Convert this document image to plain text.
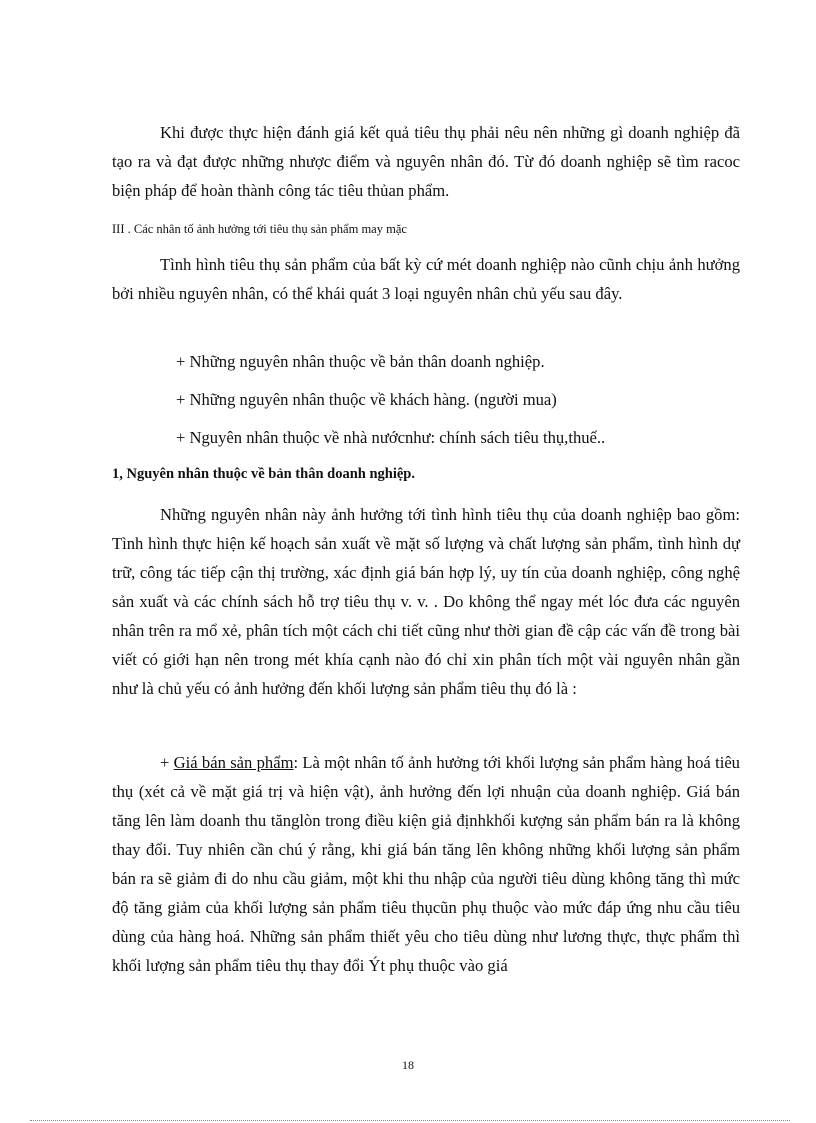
Khi được thực hiện đánh giá kết quả tiêu thụ phải nêu nên những gì doanh nghiệp đã tạo ra và đạt được những nhược điểm và nguyên nhân đó. Từ đó doanh nghiệp sẽ tìm racoc biện pháp để hoàn thành công tác tiêu thủan phẩm.

III . Các nhân tố ảnh hưởng tới tiêu thụ sản phẩm may mặc

Tình hình tiêu thụ sản phẩm của bất kỳ cứ mét doanh nghiệp nào cũnh chịu ảnh hưởng bởi nhiều nguyên nhân, có thể khái quát 3 loại nguyên nhân chủ yếu sau đây.

+ Những nguyên nhân thuộc về bản thân doanh nghiệp.

+ Những nguyên nhân thuộc về khách hàng. (người mua)

+ Nguyên nhân thuộc về nhà nướcnhư: chính sách tiêu thụ,thuế..

1, Nguyên nhân thuộc về bản thân doanh nghiệp.

Những nguyên nhân này ảnh hưởng tới tình hình tiêu thụ của doanh nghiệp bao gồm: Tình hình thực hiện kế hoạch sản xuất về mặt số lượng và chất lượng sản phẩm, tình hình dự trữ, công tác tiếp cận thị trường, xác định giá bán hợp lý, uy tín của doanh nghiệp, công nghệ sản xuất và các chính sách hỗ trợ tiêu thụ v. v. . Do không thể ngay mét lóc đưa các nguyên nhân trên ra mổ xẻ, phân tích một cách chi tiết cũng như thời gian đề cập các vấn đề trong bài viết có giới hạn nên trong mét khía cạnh nào đó chỉ xin phân tích một vài nguyên nhân gần như là chủ yếu có ảnh hưởng đến khối lượng sản phẩm tiêu thụ đó là :

+ Giá bán sản phẩm: Là một nhân tố ảnh hưởng tới khối lượng sản phẩm hàng hoá tiêu thụ (xét cả về mặt giá trị và hiện vật), ảnh hưởng đến lợi nhuận của doanh nghiệp. Giá bán tăng lên làm doanh thu tănglòn trong điều kiện giả địnhkhối kượng sản phẩm bán ra là không thay đổi. Tuy nhiên cần chú ý rằng, khi giá bán tăng lên không những khối lượng sản phẩm bán ra sẽ giảm đi do nhu cầu giảm, một khi thu nhập của người tiêu dùng không tăng thì mức độ tăng giảm của khối lượng sản phẩm tiêu thụcũn phụ thuộc vào mức đáp ứng nhu cầu tiêu dùng của hàng hoá. Những sản phẩm thiết yêu cho tiêu dùng như lương thực, thực phẩm thì khối lượng sản phẩm tiêu thụ thay đổi Ýt phụ thuộc vào giá

18
